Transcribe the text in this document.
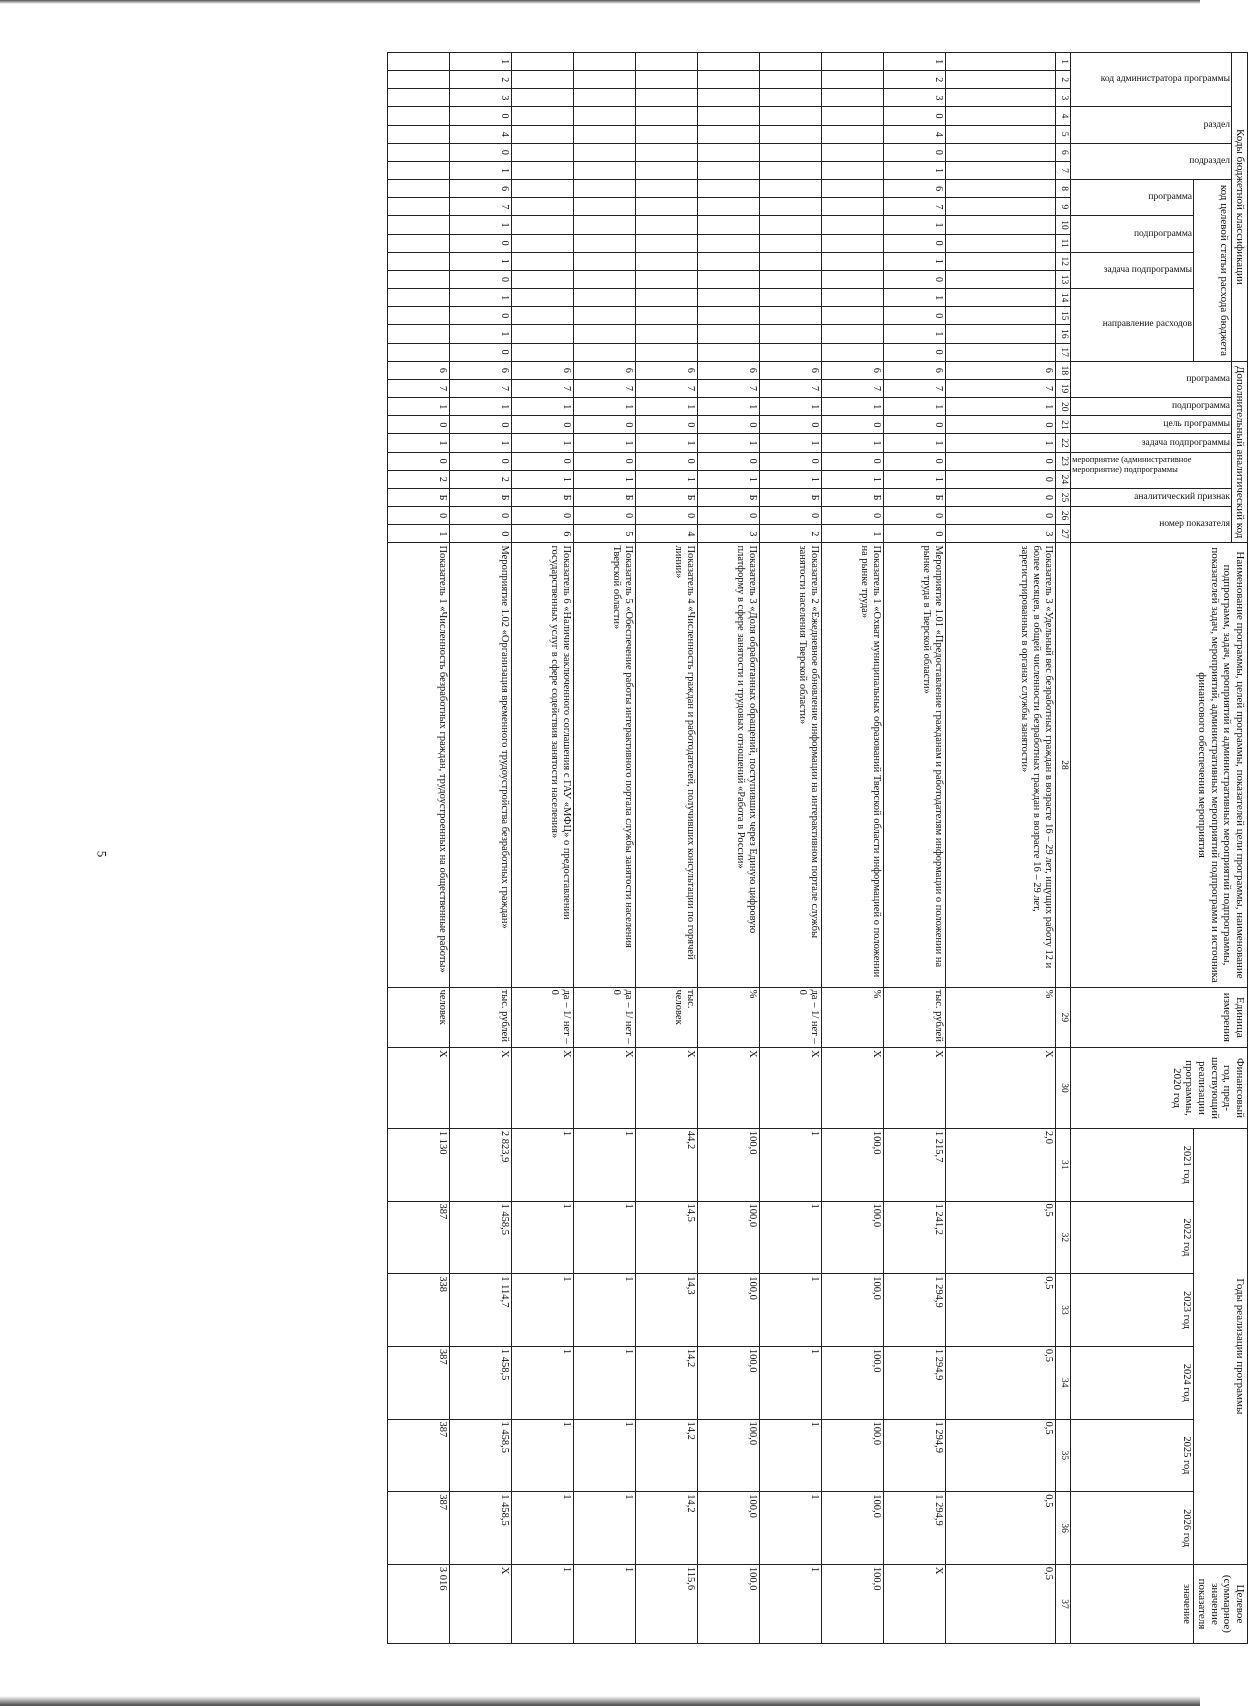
5
Коды бюджетной классификации																	Дополнительный аналитический код										Наименование программы, целей программы, показателей цели программы, наименование подпрограмм, задач, мероприятий и административных мероприятий подпрограммы, показателей задач, мероприятий, административных мероприятий подпрограмм и источника финансового обеспечения мероприятия	Единица измерения	Финансовый год, пред-шествующий реализации программы, 2020 год	Годы реализации программы						Целевое (суммарное) значение показателя

код администратора программы			раздел		подраздел		код целевой статьи расхода бюджета										программа		подпрограмма	цель программы	задача подпрограммы	мероприятие (административное мероприятие) подпрограммы		аналитический признак	номер показателя											

							программа		подпрограмма		задача подпрограммы		направление расходов																	2021 год	2022 год	2023 год	2024 год	2025 год	2026 год	значение
1	2	3	4	5	6	7	8	9	10	11	12	13	14	15	16	17	18	19	20	21	22	23	24	25	26	27	28	29	30	31	32	33	34	35	36	37
																	6	7	1	0	1	0	0	0	0	3	Показатель 3 «Удельный вес безработных граждан в возрасте 16 – 29 лет, ищущих работу 12 и более месяцев, в общей численности безработных граждан в возрасте 16 – 29 лет, зарегистрированных в органах службы занятости»	%	Х	2,0	0,5	0,5	0,5	0,5	0,5	0,5
1	2	3	0	4	0	1	6	7	1	0	1	0	1	0	1	0	6	7	1	0	1	0	1	Б	0	0	Мероприятие 1.01 «Предоставление гражданам и работодателям информации о положении на рынке труда в Тверской области»	тыс. рублей	Х	1 215,7	1 241,2	1 294,9	1 294,9	1 294,9	1 294,9	Х
																	6	7	1	0	1	0	1	Б	0	1	Показатель 1 «Охват муниципальных образований Тверской области информацией о положении на рынке труда»	%	Х	100,0	100,0	100,0	100,0	100,0	100,0	100,0
																	6	7	1	0	1	0	1	Б	0	2	Показатель 2 «Ежедневное обновление информации на интерактивном портале службы занятости населения Тверской области»	да – 1/ нет – 0	Х	1	1	1	1	1	1	1
																	6	7	1	0	1	0	1	Б	0	3	Показатель 3 «Доля обработанных обращений, поступивших через Единую цифровую платформу в сфере занятости и трудовых отношений «Работа в России»	%	Х	100,0	100,0	100,0	100,0	100,0	100,0	100,0
																	6	7	1	0	1	0	1	Б	0	4	Показатель 4 «Численность граждан и работодателей, получивших консультации по горячей линии»	тыс. человек	Х	44,2	14,5	14,3	14,2	14,2	14,2	115,6
																	6	7	1	0	1	0	1	Б	0	5	Показатель 5 «Обеспечение работы интерактивного портала службы занятости населения Тверской области»	да – 1/ нет – 0	Х	1	1	1	1	1	1	1
																	6	7	1	0	1	0	1	Б	0	6	Показатель 6 «Наличие заключенного соглашения с ГАУ «МФЦ» о предоставлении государственных услуг в сфере содействия занятости населения»	да – 1/ нет – 0	Х	1	1	1	1	1	1	1
1	2	3	0	4	0	1	6	7	1	0	1	0	1	0	1	0	6	7	1	0	1	0	2	Б	0	0	Мероприятие 1.02 «Организация временного трудоустройства безработных граждан»	тыс. рублей	Х	2 823,9	1 458,5	1 114,7	1 458,5	1 458,5	1 458,5	Х
																	6	7	1	0	1	0	2	Б	0	1	Показатель 1 «Численность безработных граждан, трудоустроенных на общественные работы»	человек	Х	1 130	387	338	387	387	387	3 016
